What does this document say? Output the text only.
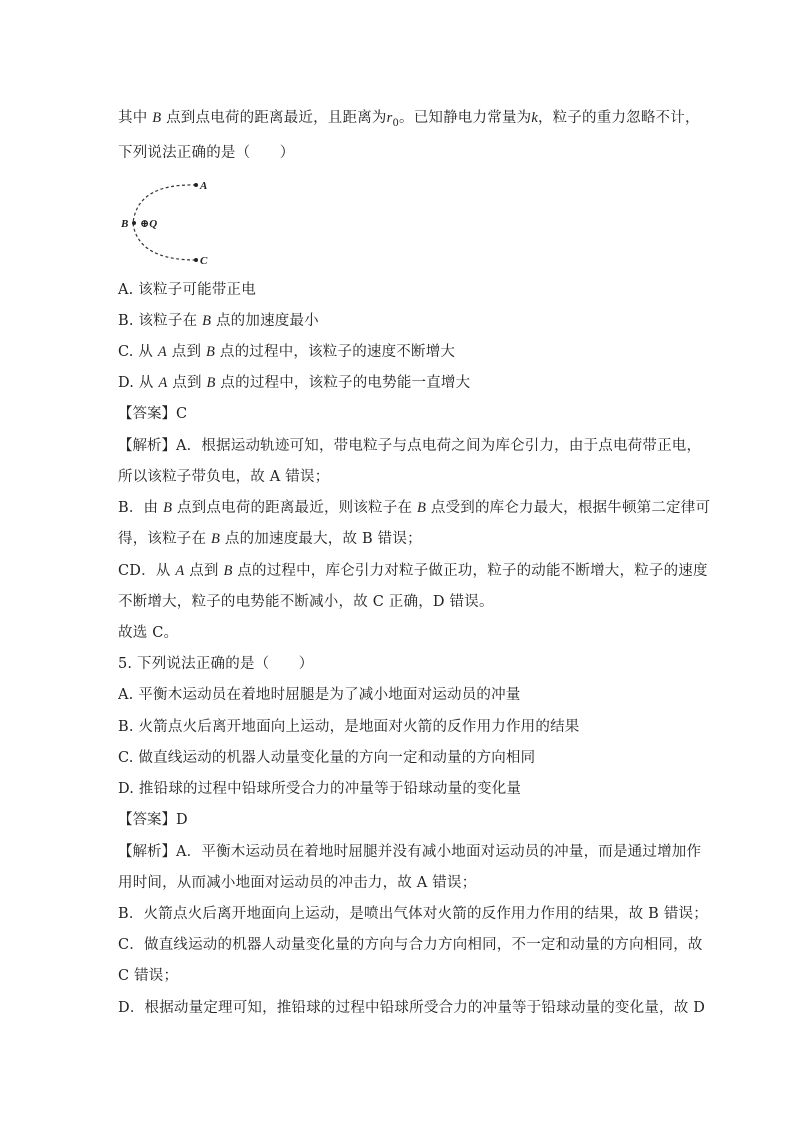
其中 B 点到点电荷的距离最近，且距离为$r_0$。已知静电力常量为k，粒子的重力忽略不计，
下列说法正确的是（　　）
A
B ⊕Q
C
A. 该粒子可能带正电
B. 该粒子在 B 点的加速度最小
C. 从 A 点到 B 点的过程中，该粒子的速度不断增大
D. 从 A 点到 B 点的过程中，该粒子的电势能一直增大
【答案】C
【解析】A．根据运动轨迹可知，带电粒子与点电荷之间为库仑引力，由于点电荷带正电，
所以该粒子带负电，故 A 错误；
B．由 B 点到点电荷的距离最近，则该粒子在 B 点受到的库仑力最大，根据牛顿第二定律可
得，该粒子在 B 点的加速度最大，故 B 错误；
CD．从 A 点到 B 点的过程中，库仑引力对粒子做正功，粒子的动能不断增大，粒子的速度
不断增大，粒子的电势能不断减小，故 C 正确，D 错误。
故选 C。
5. 下列说法正确的是（　　）
A. 平衡木运动员在着地时屈腿是为了减小地面对运动员的冲量
B. 火箭点火后离开地面向上运动，是地面对火箭的反作用力作用的结果
C. 做直线运动的机器人动量变化量的方向一定和动量的方向相同
D. 推铅球的过程中铅球所受合力的冲量等于铅球动量的变化量
【答案】D
【解析】A．平衡木运动员在着地时屈腿并没有减小地面对运动员的冲量，而是通过增加作
用时间，从而减小地面对运动员的冲击力，故 A 错误；
B．火箭点火后离开地面向上运动，是喷出气体对火箭的反作用力作用的结果，故 B 错误；
C．做直线运动的机器人动量变化量的方向与合力方向相同，不一定和动量的方向相同，故
C 错误；
D．根据动量定理可知，推铅球的过程中铅球所受合力的冲量等于铅球动量的变化量，故 D
